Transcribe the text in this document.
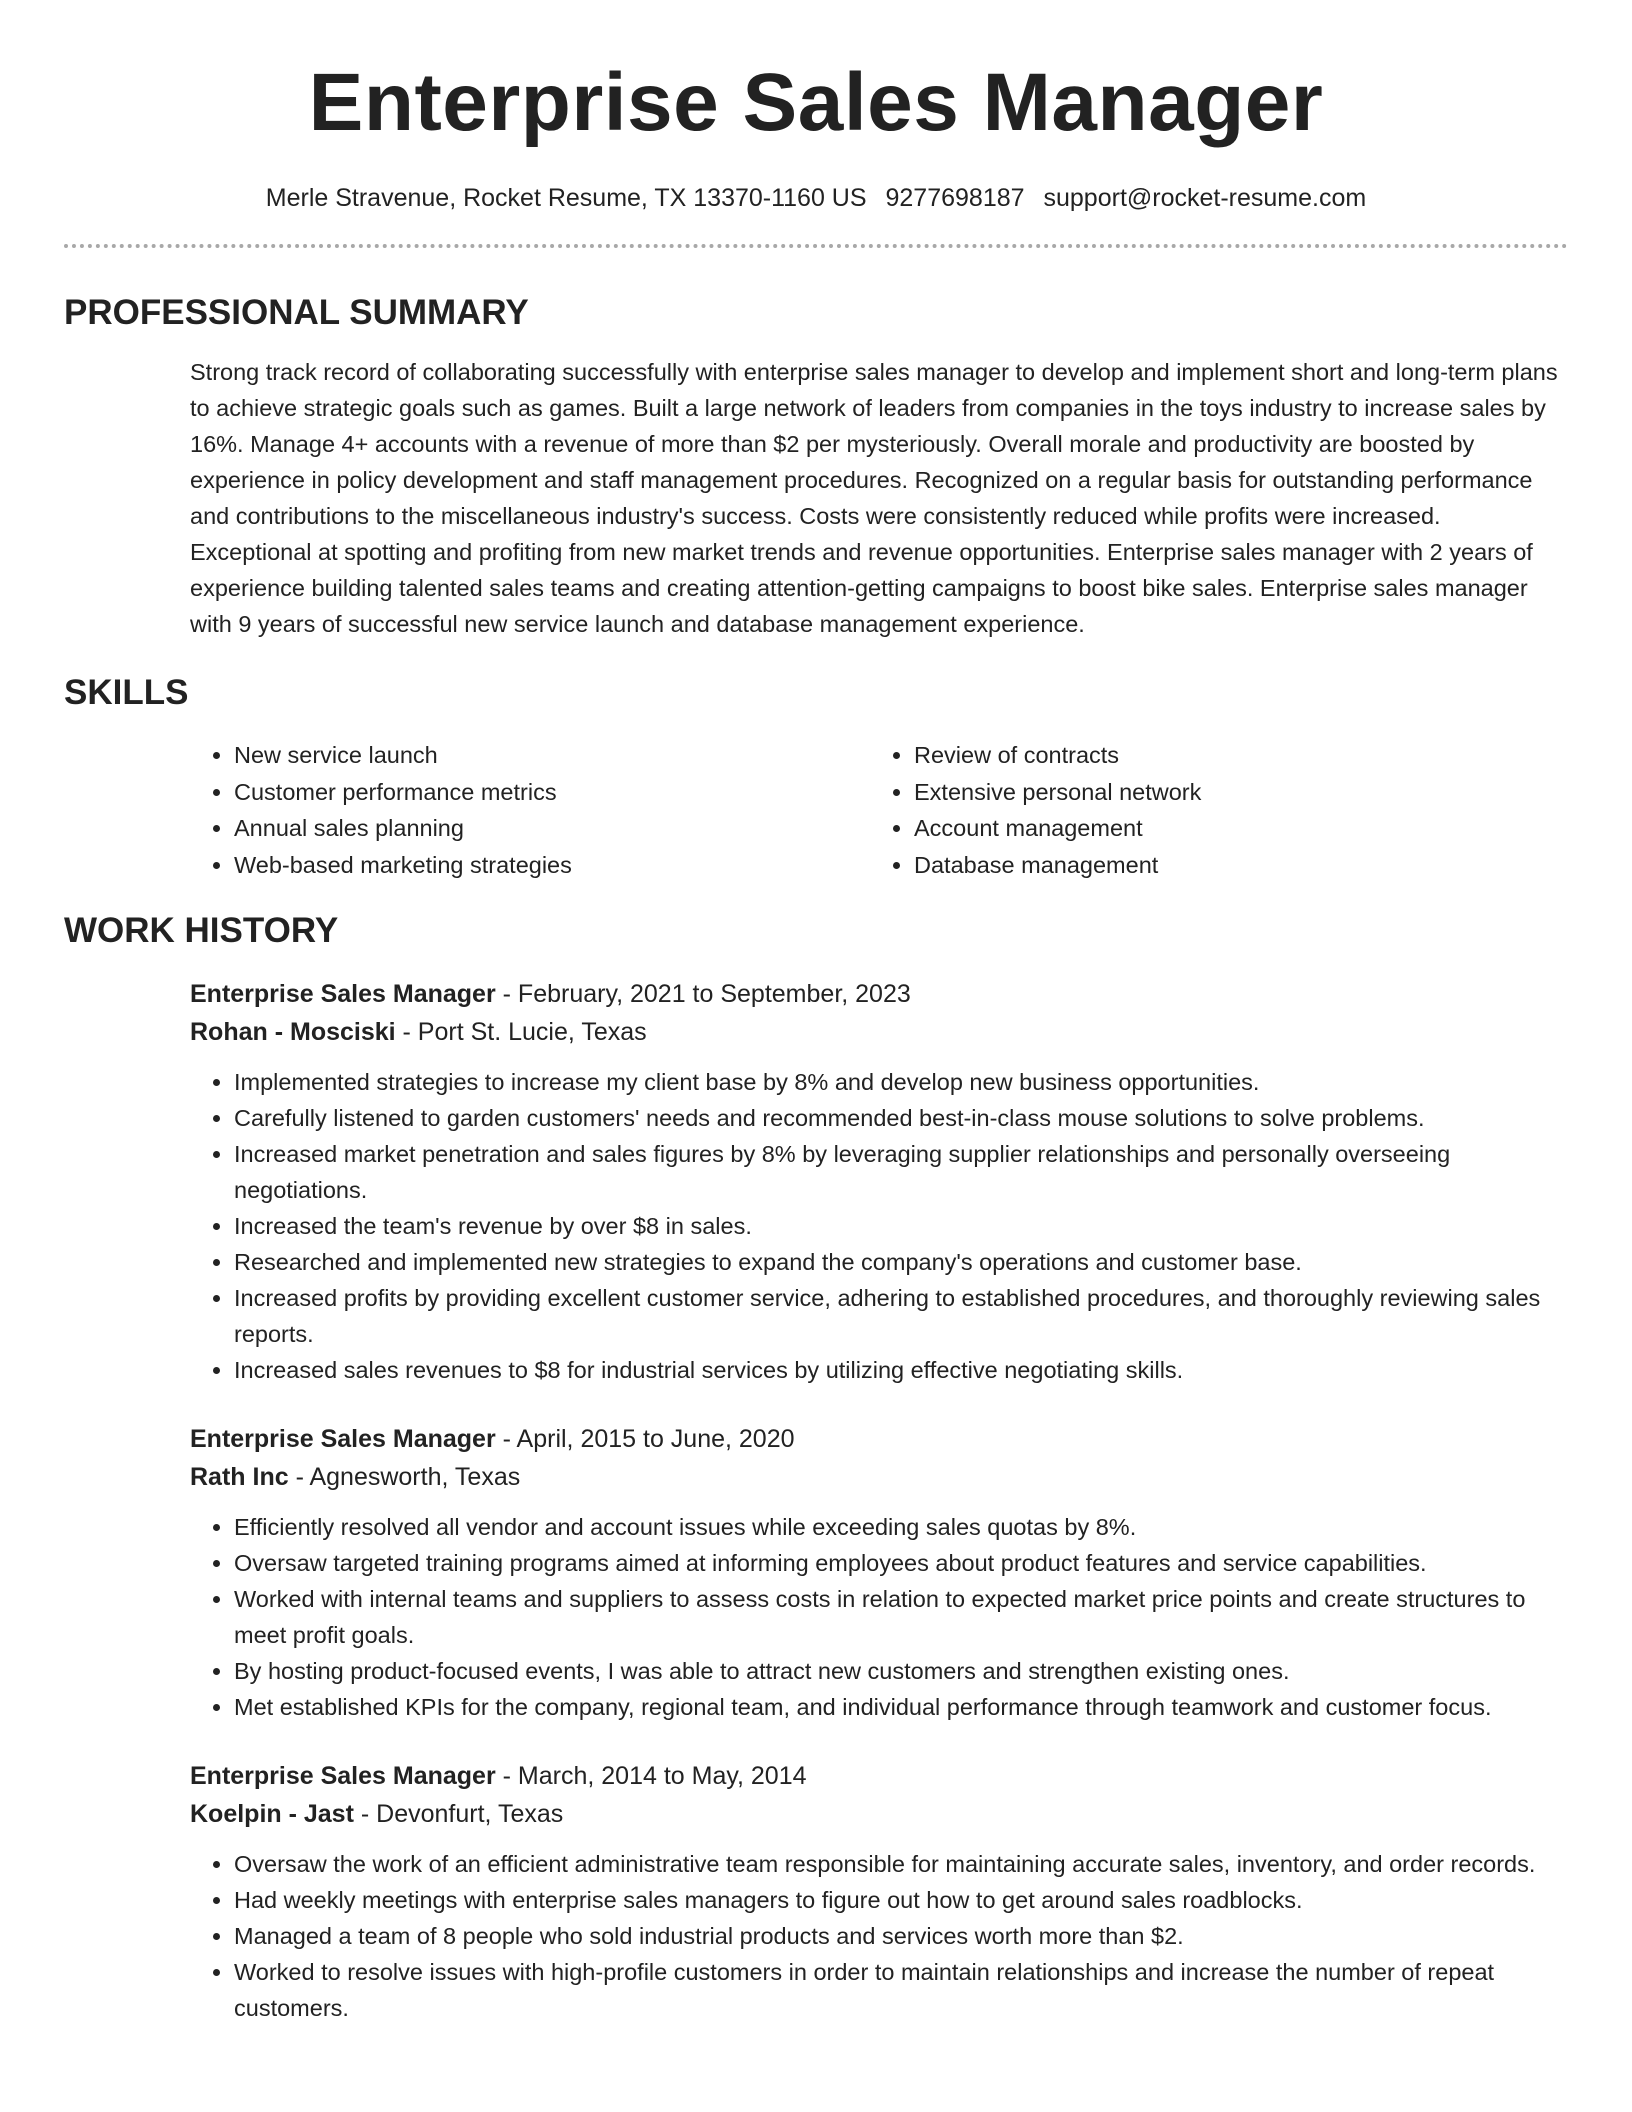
Enterprise Sales Manager
Merle Stravenue, Rocket Resume, TX 13370-1160 US 9277698187 support@rocket-resume.com
PROFESSIONAL SUMMARY

Strong track record of collaborating successfully with enterprise sales manager to develop and implement short and long-term plans to achieve strategic goals such as games. Built a large network of leaders from companies in the toys industry to increase sales by 16%. Manage 4+ accounts with a revenue of more than $2 per mysteriously. Overall morale and productivity are boosted by experience in policy development and staff management procedures. Recognized on a regular basis for outstanding performance and contributions to the miscellaneous industry's success. Costs were consistently reduced while profits were increased. Exceptional at spotting and profiting from new market trends and revenue opportunities. Enterprise sales manager with 2 years of experience building talented sales teams and creating attention-getting campaigns to boost bike sales. Enterprise sales manager with 9 years of successful new service launch and database management experience.

SKILLS
• New service launch
• Customer performance metrics
• Annual sales planning
• Web-based marketing strategies
• Review of contracts
• Extensive personal network
• Account management
• Database management
WORK HISTORY
Enterprise Sales Manager - February, 2021 to September, 2023
Rohan - Mosciski - Port St. Lucie, Texas
• Implemented strategies to increase my client base by 8% and develop new business opportunities.
• Carefully listened to garden customers' needs and recommended best-in-class mouse solutions to solve problems.
• Increased market penetration and sales figures by 8% by leveraging supplier relationships and personally overseeing negotiations.
• Increased the team's revenue by over $8 in sales.
• Researched and implemented new strategies to expand the company's operations and customer base.
• Increased profits by providing excellent customer service, adhering to established procedures, and thoroughly reviewing sales reports.
• Increased sales revenues to $8 for industrial services by utilizing effective negotiating skills.
Enterprise Sales Manager - April, 2015 to June, 2020
Rath Inc - Agnesworth, Texas
• Efficiently resolved all vendor and account issues while exceeding sales quotas by 8%.
• Oversaw targeted training programs aimed at informing employees about product features and service capabilities.
• Worked with internal teams and suppliers to assess costs in relation to expected market price points and create structures to meet profit goals.
• By hosting product-focused events, I was able to attract new customers and strengthen existing ones.
• Met established KPIs for the company, regional team, and individual performance through teamwork and customer focus.
Enterprise Sales Manager - March, 2014 to May, 2014
Koelpin - Jast - Devonfurt, Texas
• Oversaw the work of an efficient administrative team responsible for maintaining accurate sales, inventory, and order records.
• Had weekly meetings with enterprise sales managers to figure out how to get around sales roadblocks.
• Managed a team of 8 people who sold industrial products and services worth more than $2.
• Worked to resolve issues with high-profile customers in order to maintain relationships and increase the number of repeat customers.
